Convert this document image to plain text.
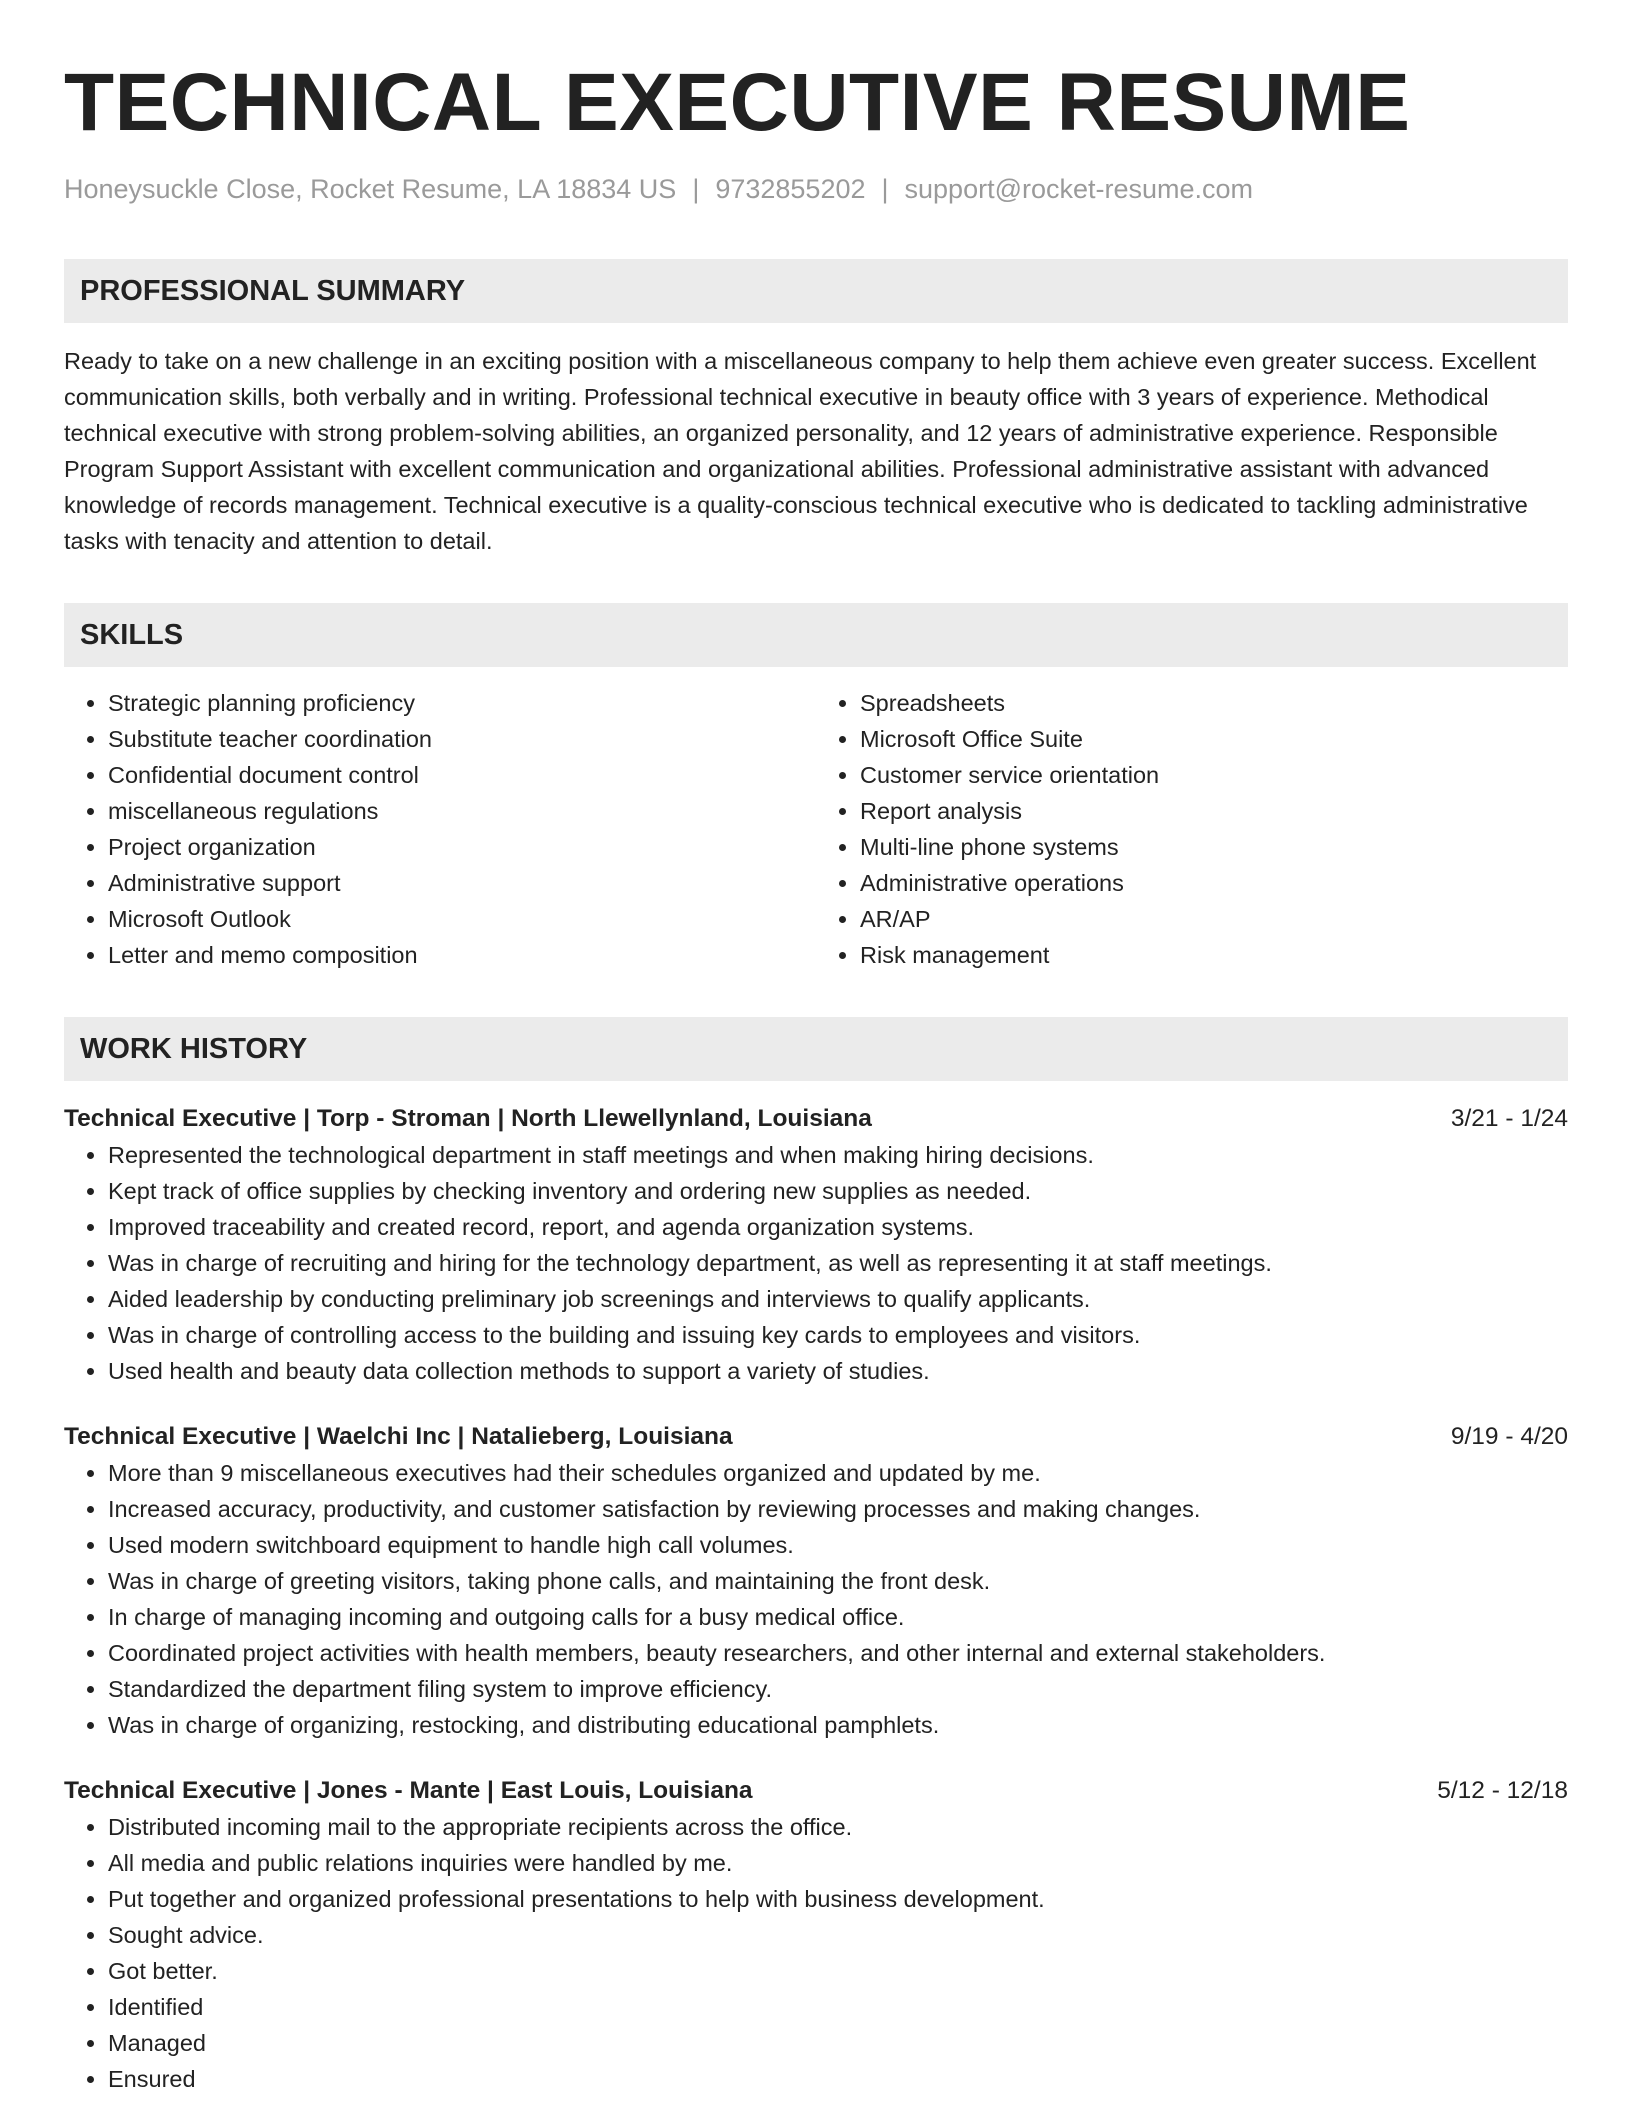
TECHNICAL EXECUTIVE RESUME
Honeysuckle Close, Rocket Resume, LA 18834 US | 9732855202 | support@rocket-resume.com
PROFESSIONAL SUMMARY
Ready to take on a new challenge in an exciting position with a miscellaneous company to help them achieve even greater success. Excellent communication skills, both verbally and in writing. Professional technical executive in beauty office with 3 years of experience. Methodical technical executive with strong problem-solving abilities, an organized personality, and 12 years of administrative experience. Responsible Program Support Assistant with excellent communication and organizational abilities. Professional administrative assistant with advanced knowledge of records management. Technical executive is a quality-conscious technical executive who is dedicated to tackling administrative tasks with tenacity and attention to detail.
SKILLS
• Strategic planning proficiency
• Substitute teacher coordination
• Confidential document control
• miscellaneous regulations
• Project organization
• Administrative support
• Microsoft Outlook
• Letter and memo composition
• Spreadsheets
• Microsoft Office Suite
• Customer service orientation
• Report analysis
• Multi-line phone systems
• Administrative operations
• AR/AP
• Risk management
WORK HISTORY
Technical Executive | Torp - Stroman | North Llewellynland, Louisiana	3/21 - 1/24
• Represented the technological department in staff meetings and when making hiring decisions.
• Kept track of office supplies by checking inventory and ordering new supplies as needed.
• Improved traceability and created record, report, and agenda organization systems.
• Was in charge of recruiting and hiring for the technology department, as well as representing it at staff meetings.
• Aided leadership by conducting preliminary job screenings and interviews to qualify applicants.
• Was in charge of controlling access to the building and issuing key cards to employees and visitors.
• Used health and beauty data collection methods to support a variety of studies.
Technical Executive | Waelchi Inc | Natalieberg, Louisiana	9/19 - 4/20
• More than 9 miscellaneous executives had their schedules organized and updated by me.
• Increased accuracy, productivity, and customer satisfaction by reviewing processes and making changes.
• Used modern switchboard equipment to handle high call volumes.
• Was in charge of greeting visitors, taking phone calls, and maintaining the front desk.
• In charge of managing incoming and outgoing calls for a busy medical office.
• Coordinated project activities with health members, beauty researchers, and other internal and external stakeholders.
• Standardized the department filing system to improve efficiency.
• Was in charge of organizing, restocking, and distributing educational pamphlets.
Technical Executive | Jones - Mante | East Louis, Louisiana	5/12 - 12/18
• Distributed incoming mail to the appropriate recipients across the office.
• All media and public relations inquiries were handled by me.
• Put together and organized professional presentations to help with business development.
• Sought advice.
• Got better.
• Identified
• Managed
• Ensured
